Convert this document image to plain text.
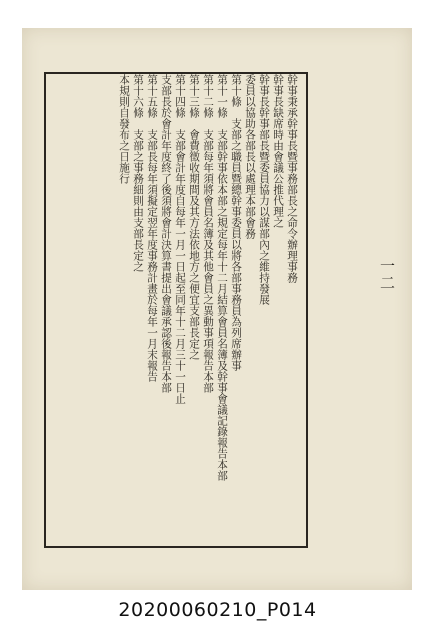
幹事秉承幹事長暨事務部長之命令辦理事務
幹事長缺席時由會議公推代理之
幹事長幹事部長暨委員協力以謀部內之維持發展
委員以協助各部長以處理本部會務
第十條　支部之職員暨總幹事委員以將各部事務員為列席辦事
第十一條　支部幹事依本部之規定每年十二月結算會員名簿及幹事會議記錄報告本部
第十二條　支部每年須將會員名簿及其他會員之異動事項報告本部
第十三條　會費徵收期間及其方法依地方之便宜支部長定之
第十四條　支部會計年度自每年一月一日起至同年十二月三十一日止
支部長於會計年度終了後須將會計決算書提出會議承認後報告本部
第十五條　支部長每年須擬定翌年度事務計畫於每年一月末報告
第十六條　支部之事務細則由支部長定之
本規則自發布之日施行
一二
20200060210_P014
